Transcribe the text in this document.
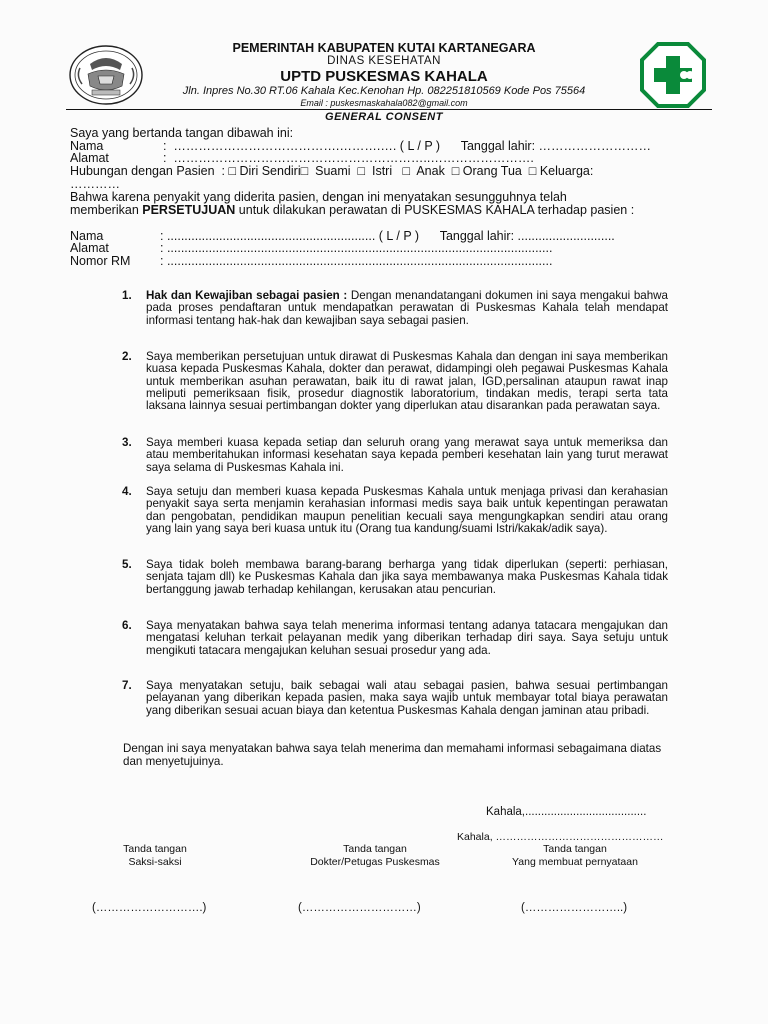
PEMERINTAH KABUPATEN KUTAI KARTANEGARA
DINAS KESEHATAN
UPTD PUSKESMAS KAHALA
Jln. Inpres No.30 RT.06 Kahala Kec.Kenohan Hp. 082251810569 Kode Pos 75564
Email : puskesmaskahala082@gmail.com
GENERAL CONSENT
Saya yang bertanda tangan dibawah ini:
Nama	:  ………………………………….……….…. ( L / P )      Tanggal lahir: ………………………
Alamat	:  ……………………………………………………..…………………….
Hubungan dengan Pasien  : □ Diri Sendiri□  Suami  □  Istri   □  Anak  □ Orang Tua  □ Keluarga:
…………
Bahwa karena penyakit yang diderita pasien, dengan ini menyatakan sesungguhnya telah
memberikan PERSETUJUAN untuk dilakukan perawatan di PUSKESMAS KAHALA terhadap pasien :
Nama	: ............................................................ ( L / P )      Tanggal lahir: ............................
Alamat	: ...............................................................................................................
Nomor RM : ...............................................................................................................
1. Hak dan Kewajiban sebagai pasien : Dengan menandatangani dokumen ini saya mengakui bahwa pada proses pendaftaran untuk mendapatkan perawatan di Puskesmas Kahala telah mendapat informasi tentang hak-hak dan kewajiban saya sebagai pasien.
2. Saya memberikan persetujuan untuk dirawat di Puskesmas Kahala dan dengan ini saya memberikan kuasa kepada Puskesmas Kahala, dokter dan perawat, didampingi oleh pegawai Puskesmas Kahala untuk memberikan asuhan perawatan, baik itu di rawat jalan, IGD,persalinan ataupun rawat inap meliputi pemeriksaan fisik, prosedur diagnostik laboratorium, tindakan medis, terapi serta tata laksana lainnya sesuai pertimbangan dokter yang diperlukan atau disarankan pada perawatan saya.
3. Saya memberi kuasa kepada setiap dan seluruh orang yang merawat saya untuk memeriksa dan atau memberitahukan informasi kesehatan saya kepada pemberi kesehatan lain yang turut merawat saya selama di Puskesmas Kahala ini.
4. Saya setuju dan memberi kuasa kepada Puskesmas Kahala untuk menjaga privasi dan kerahasian penyakit saya serta menjamin kerahasian informasi medis saya baik untuk kepentingan perawatan dan pengobatan, pendidikan maupun penelitian kecuali saya mengungkapkan sendiri atau orang yang lain yang saya beri kuasa untuk itu (Orang tua kandung/suami Istri/kakak/adik saya).
5. Saya tidak boleh membawa barang-barang berharga yang tidak diperlukan (seperti: perhiasan, senjata tajam dll) ke Puskesmas Kahala dan jika saya membawanya maka Puskesmas Kahala tidak bertanggung jawab terhadap kehilangan, kerusakan atau pencurian.
6. Saya menyatakan bahwa saya telah menerima informasi tentang adanya tatacara mengajukan dan mengatasi keluhan terkait pelayanan medik yang diberikan terhadap diri saya. Saya setuju untuk mengikuti tatacara mengajukan keluhan sesuai prosedur yang ada.
7. Saya menyatakan setuju, baik sebagai wali atau sebagai pasien, bahwa sesuai pertimbangan pelayanan yang diberikan kepada pasien, maka saya wajib untuk membayar total biaya perawatan yang diberikan sesuai acuan biaya dan ketentua Puskesmas Kahala dengan jaminan atau pribadi.
Dengan ini saya menyatakan bahwa saya telah menerima dan memahami informasi sebagaimana diatas dan menyetujuinya.
Kahala,......................................
Kahala, …………………………………………
Tanda tangan
Saksi-saksi
Tanda tangan
Dokter/Petugas Puskesmas
Tanda tangan
Yang membuat pernyataan
(……………………….)	(…………………………)	(……………………..)
